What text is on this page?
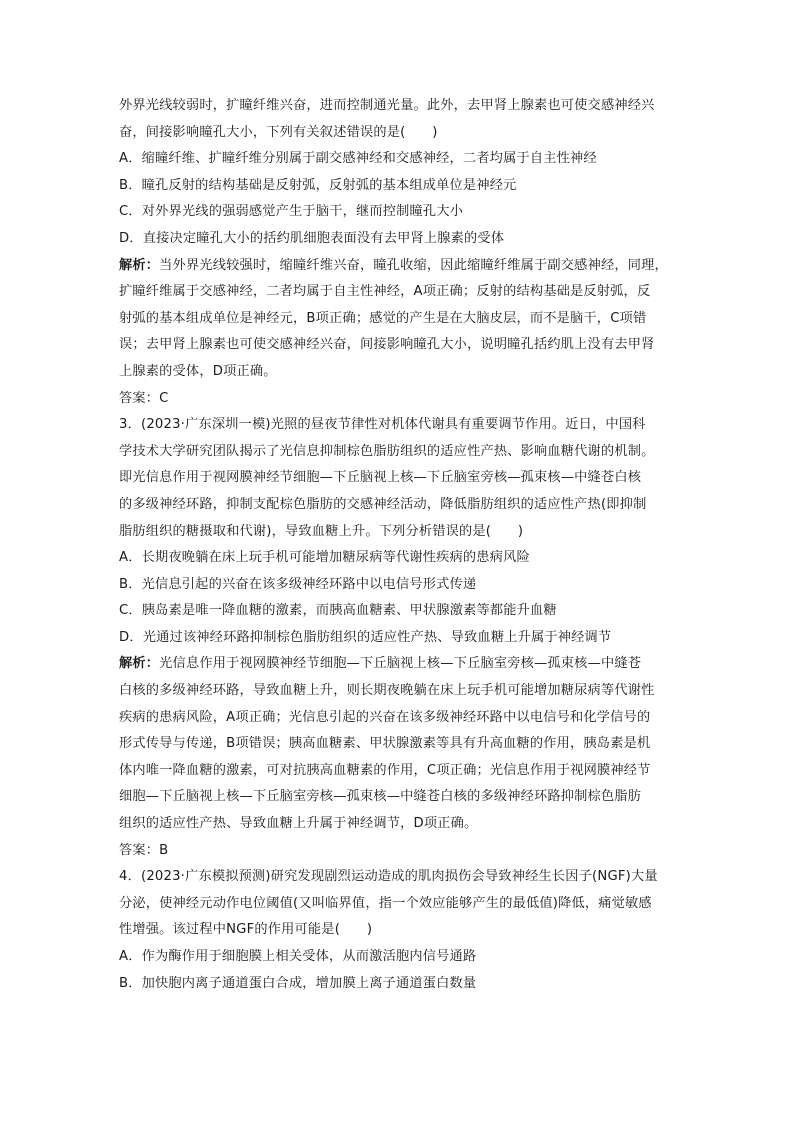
外界光线较弱时，扩瞳纤维兴奋，进而控制通光量。此外，去甲肾上腺素也可使交感神经兴
奋，间接影响瞳孔大小，下列有关叙述错误的是(　　)
A．缩瞳纤维、扩瞳纤维分别属于副交感神经和交感神经，二者均属于自主性神经
B．瞳孔反射的结构基础是反射弧，反射弧的基本组成单位是神经元
C．对外界光线的强弱感觉产生于脑干，继而控制瞳孔大小
D．直接决定瞳孔大小的括约肌细胞表面没有去甲肾上腺素的受体
解析：当外界光线较强时，缩瞳纤维兴奋，瞳孔收缩，因此缩瞳纤维属于副交感神经，同理，
扩瞳纤维属于交感神经，二者均属于自主性神经，A项正确；反射的结构基础是反射弧，反
射弧的基本组成单位是神经元，B项正确；感觉的产生是在大脑皮层，而不是脑干，C项错
误；去甲肾上腺素也可使交感神经兴奋，间接影响瞳孔大小，说明瞳孔括约肌上没有去甲肾
上腺素的受体，D项正确。
答案：C
3．(2023·广东深圳一模)光照的昼夜节律性对机体代谢具有重要调节作用。近日，中国科
学技术大学研究团队揭示了光信息抑制棕色脂肪组织的适应性产热、影响血糖代谢的机制。
即光信息作用于视网膜神经节细胞—下丘脑视上核—下丘脑室旁核—孤束核—中缝苍白核
的多级神经环路，抑制支配棕色脂肪的交感神经活动，降低脂肪组织的适应性产热(即抑制
脂肪组织的糖摄取和代谢)，导致血糖上升。下列分析错误的是(　　)
A．长期夜晚躺在床上玩手机可能增加糖尿病等代谢性疾病的患病风险
B．光信息引起的兴奋在该多级神经环路中以电信号形式传递
C．胰岛素是唯一降血糖的激素，而胰高血糖素、甲状腺激素等都能升血糖
D．光通过该神经环路抑制棕色脂肪组织的适应性产热、导致血糖上升属于神经调节
解析：光信息作用于视网膜神经节细胞—下丘脑视上核—下丘脑室旁核—孤束核—中缝苍
白核的多级神经环路，导致血糖上升，则长期夜晚躺在床上玩手机可能增加糖尿病等代谢性
疾病的患病风险，A项正确；光信息引起的兴奋在该多级神经环路中以电信号和化学信号的
形式传导与传递，B项错误；胰高血糖素、甲状腺激素等具有升高血糖的作用，胰岛素是机
体内唯一降血糖的激素，可对抗胰高血糖素的作用，C项正确；光信息作用于视网膜神经节
细胞—下丘脑视上核—下丘脑室旁核—孤束核—中缝苍白核的多级神经环路抑制棕色脂肪
组织的适应性产热、导致血糖上升属于神经调节，D项正确。
答案：B
4．(2023·广东模拟预测)研究发现剧烈运动造成的肌肉损伤会导致神经生长因子(NGF)大量
分泌，使神经元动作电位阈值(又叫临界值，指一个效应能够产生的最低值)降低，痛觉敏感
性增强。该过程中NGF的作用可能是(　　)
A．作为酶作用于细胞膜上相关受体，从而激活胞内信号通路
B．加快胞内离子通道蛋白合成，增加膜上离子通道蛋白数量
